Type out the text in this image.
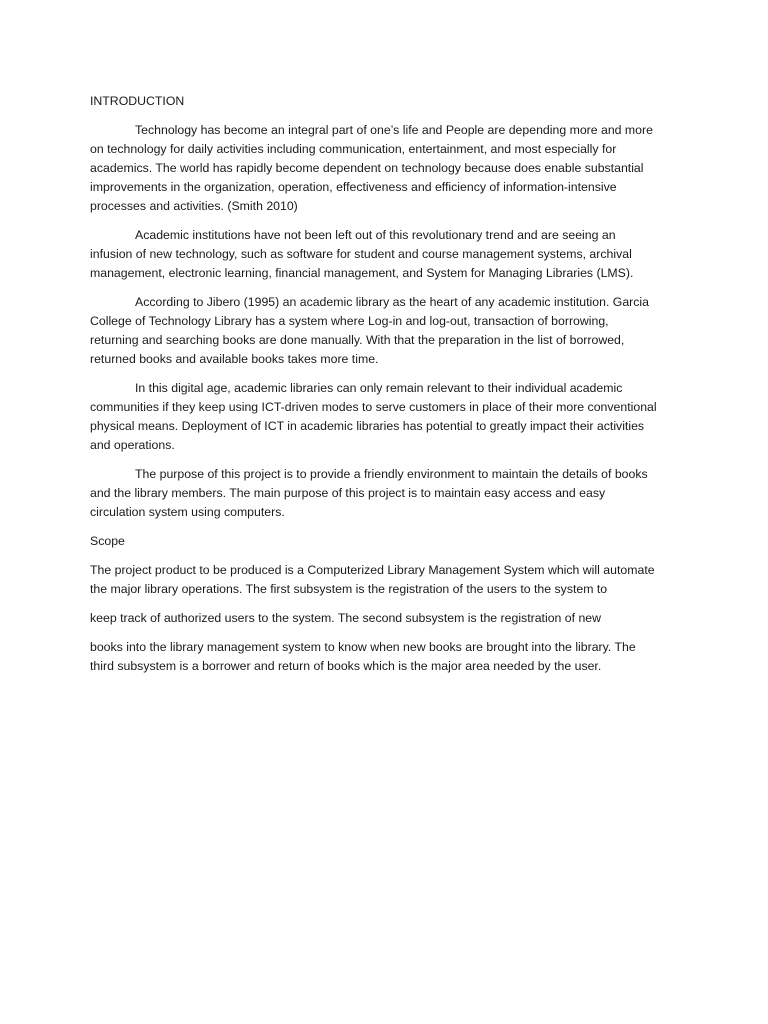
INTRODUCTION
Technology has become an integral part of one’s life and People are depending more and more
on technology for daily activities including communication, entertainment, and most especially for
academics. The world has rapidly become dependent on technology because does enable substantial
improvements in the organization, operation, effectiveness and efficiency of information-intensive
processes and activities. (Smith 2010)
Academic institutions have not been left out of this revolutionary trend and are seeing an
infusion of new technology, such as software for student and course management systems, archival
management, electronic learning, financial management, and System for Managing Libraries (LMS).
According to Jibero (1995) an academic library as the heart of any academic institution. Garcia
College of Technology Library has a system where Log-in and log-out, transaction of borrowing,
returning and searching books are done manually. With that the preparation in the list of borrowed,
returned books and available books takes more time.
In this digital age, academic libraries can only remain relevant to their individual academic
communities if they keep using ICT-driven modes to serve customers in place of their more conventional
physical means. Deployment of ICT in academic libraries has potential to greatly impact their activities
and operations.
The purpose of this project is to provide a friendly environment to maintain the details of books
and the library members. The main purpose of this project is to maintain easy access and easy
circulation system using computers.
Scope
The project product to be produced is a Computerized Library Management System which will automate
the major library operations. The first subsystem is the registration of the users to the system to
keep track of authorized users to the system. The second subsystem is the registration of new
books into the library management system to know when new books are brought into the library. The
third subsystem is a borrower and return of books which is the major area needed by the user.
